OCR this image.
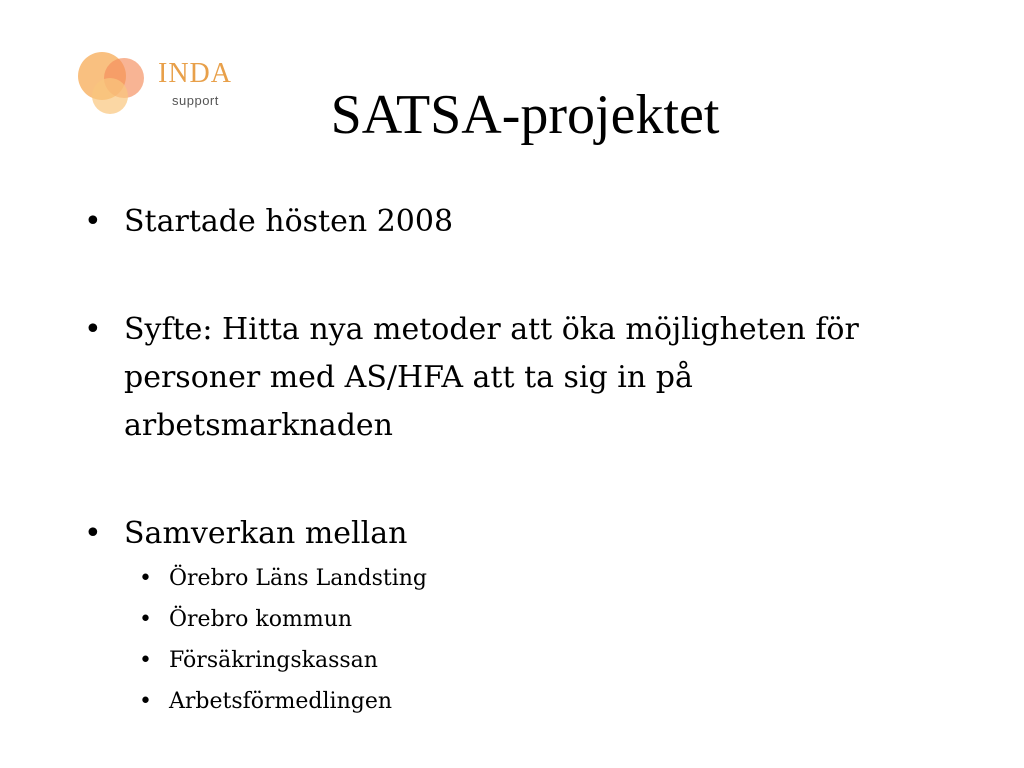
INDA
support	SATSA-projektet
• Startade hösten 2008
• Syfte: Hitta nya metoder att öka möjligheten för personer med AS/HFA att ta sig in på arbetsmarknaden
• Samverkan mellan
• Örebro Läns Landsting
• Örebro kommun
• Försäkringskassan
• Arbetsförmedlingen
